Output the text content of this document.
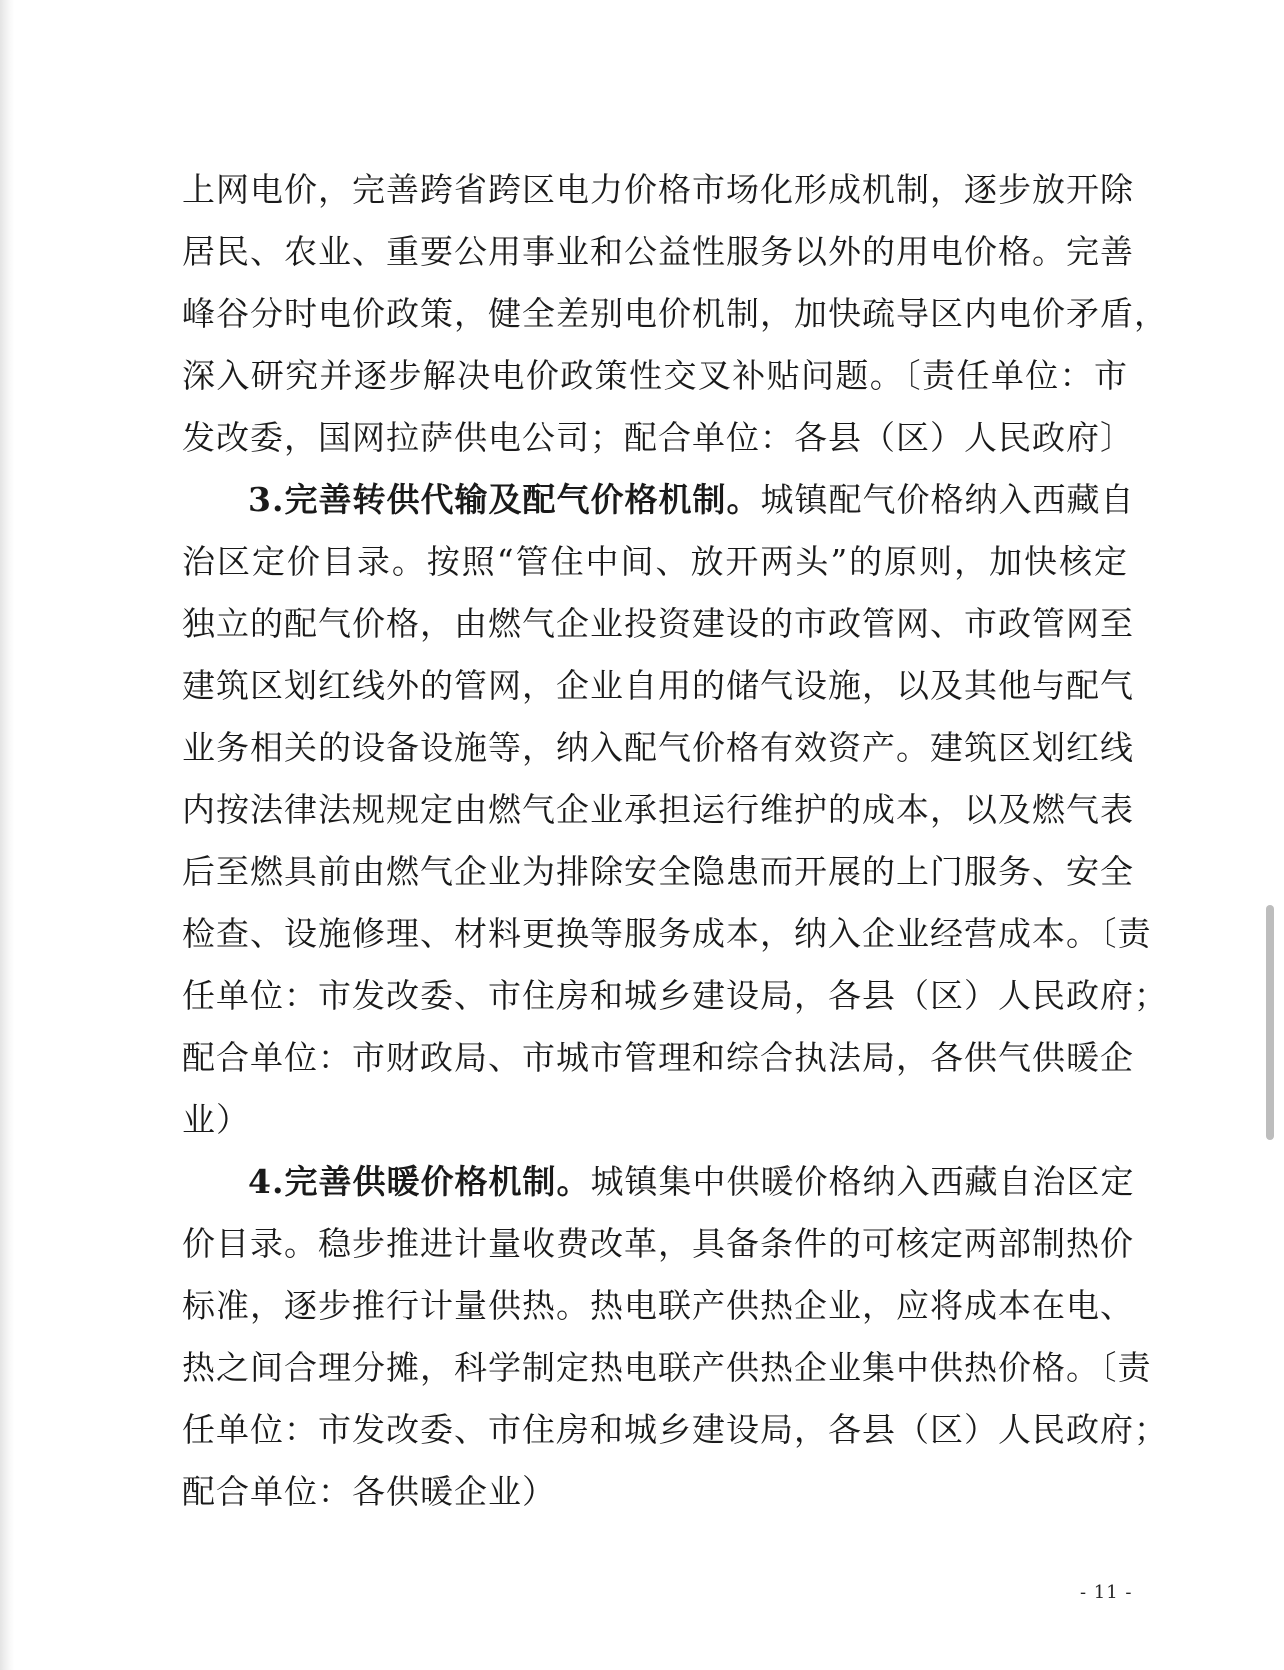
上网电价，完善跨省跨区电力价格市场化形成机制，逐步放开除
居民、农业、重要公用事业和公益性服务以外的用电价格。完善
峰谷分时电价政策，健全差别电价机制，加快疏导区内电价矛盾，
深入研究并逐步解决电价政策性交叉补贴问题。〔责任单位：市
发改委，国网拉萨供电公司；配合单位：各县（区）人民政府〕
3.完善转供代输及配气价格机制。城镇配气价格纳入西藏自
治区定价目录。按照“管住中间、放开两头”的原则，加快核定
独立的配气价格，由燃气企业投资建设的市政管网、市政管网至
建筑区划红线外的管网，企业自用的储气设施，以及其他与配气
业务相关的设备设施等，纳入配气价格有效资产。建筑区划红线
内按法律法规规定由燃气企业承担运行维护的成本，以及燃气表
后至燃具前由燃气企业为排除安全隐患而开展的上门服务、安全
检查、设施修理、材料更换等服务成本，纳入企业经营成本。〔责
任单位：市发改委、市住房和城乡建设局，各县（区）人民政府；
配合单位：市财政局、市城市管理和综合执法局，各供气供暖企
业）
4.完善供暖价格机制。城镇集中供暖价格纳入西藏自治区定
价目录。稳步推进计量收费改革，具备条件的可核定两部制热价
标准，逐步推行计量供热。热电联产供热企业，应将成本在电、
热之间合理分摊，科学制定热电联产供热企业集中供热价格。〔责
任单位：市发改委、市住房和城乡建设局，各县（区）人民政府；
配合单位：各供暖企业）
- 11 -
